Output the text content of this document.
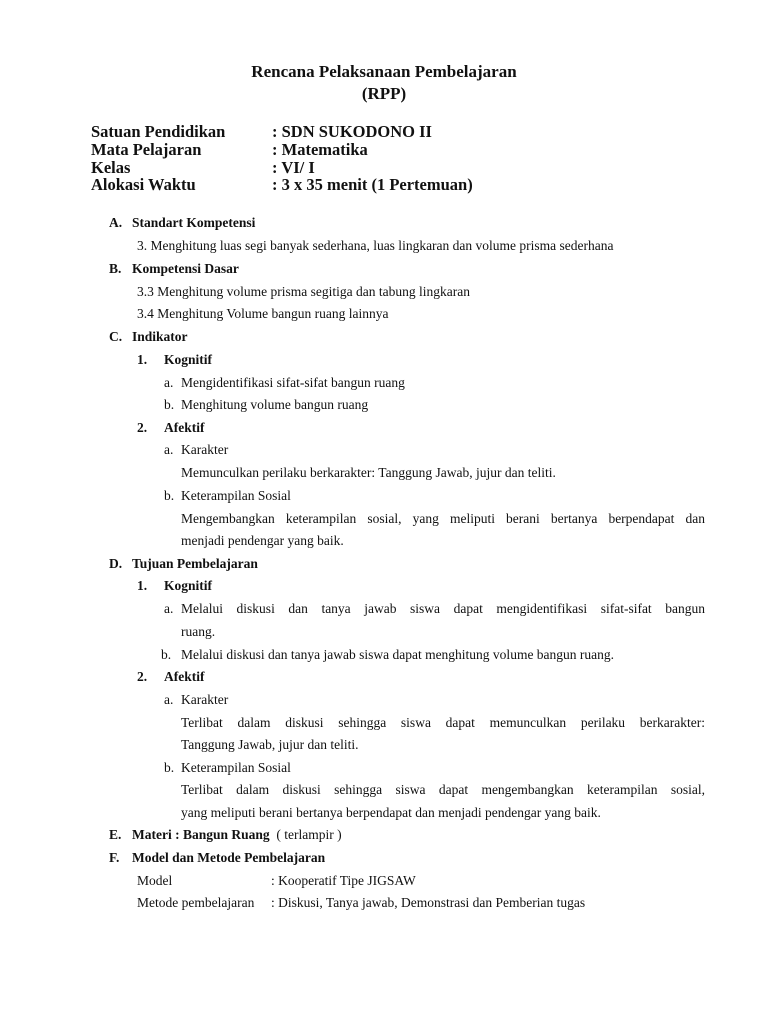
Rencana Pelaksanaan Pembelajaran
(RPP)
Satuan Pendidikan	: SDN SUKODONO II
Mata Pelajaran	: Matematika
Kelas	: VI/ I
Alokasi Waktu	: 3 x 35 menit (1 Pertemuan)
A. Standart Kompetensi
3. Menghitung luas segi banyak sederhana, luas lingkaran dan volume prisma sederhana
B. Kompetensi Dasar
3.3 Menghitung volume prisma segitiga dan tabung lingkaran
3.4 Menghitung Volume bangun ruang lainnya
C. Indikator
1. Kognitif
a. Mengidentifikasi sifat-sifat bangun ruang
b. Menghitung volume bangun ruang
2. Afektif
a. Karakter
Memunculkan perilaku berkarakter: Tanggung Jawab, jujur dan teliti.
b. Keterampilan Sosial
Mengembangkan keterampilan sosial, yang meliputi berani bertanya berpendapat dan
menjadi pendengar yang baik.
D. Tujuan Pembelajaran
1. Kognitif
a. Melalui diskusi dan tanya jawab siswa dapat mengidentifikasi sifat-sifat bangun
ruang.
b. Melalui diskusi dan tanya jawab siswa dapat menghitung volume bangun ruang.
2. Afektif
a. Karakter
Terlibat dalam diskusi sehingga siswa dapat memunculkan perilaku berkarakter:
Tanggung Jawab, jujur dan teliti.
b. Keterampilan Sosial
Terlibat dalam diskusi sehingga siswa dapat mengembangkan keterampilan sosial,
yang meliputi berani bertanya berpendapat dan menjadi pendengar yang baik.
E. Materi : Bangun Ruang ( terlampir )
F. Model dan Metode Pembelajaran
Model	: Kooperatif Tipe JIGSAW
Metode pembelajaran : Diskusi, Tanya jawab, Demonstrasi dan Pemberian tugas
